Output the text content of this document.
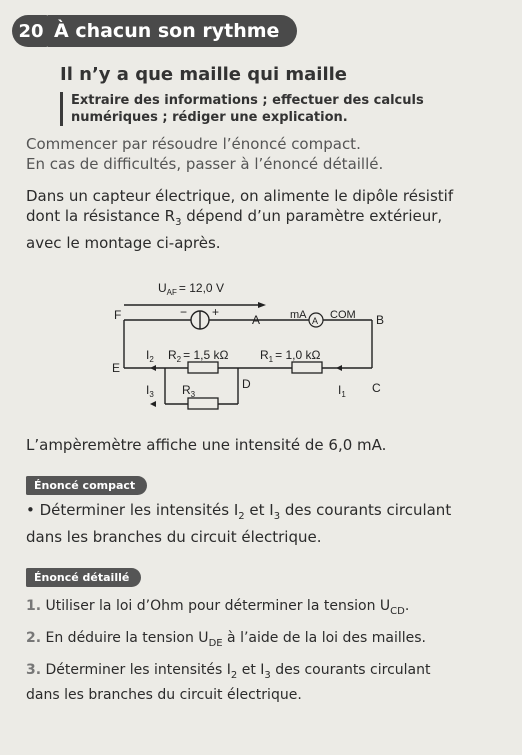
20 À chacun son rythme
Il n’y a que maille qui maille
Extraire des informations ; effectuer des calculs
numériques ; rédiger une explication.
Commencer par résoudre l’énoncé compact.
En cas de difficultés, passer à l’énoncé détaillé.
Dans un capteur électrique, on alimente le dipôle résistif
dont la résistance $R_3$ dépend d’un paramètre extérieur,
avec le montage ci-après.
$U_{AF} = 12,0$ V
F	− +
A	mA COM
A	B
$I_2$ $R_2 = 1,5$ kΩ	$R_1 = 1,0$ kΩ
E
$I_3$ $R_3$
D	$I_1$ C
L’ampèremètre affiche une intensité de 6,0 mA.
Énoncé compact
• Déterminer les intensités $I_2$ et $I_3$ des courants circulant
dans les branches du circuit électrique.
Énoncé détaillé
1. Utiliser la loi d’Ohm pour déterminer la tension $U_{CD}$.
2. En déduire la tension $U_{DE}$ à l’aide de la loi des mailles.
3. Déterminer les intensités $I_2$ et $I_3$ des courants circulant
dans les branches du circuit électrique.
